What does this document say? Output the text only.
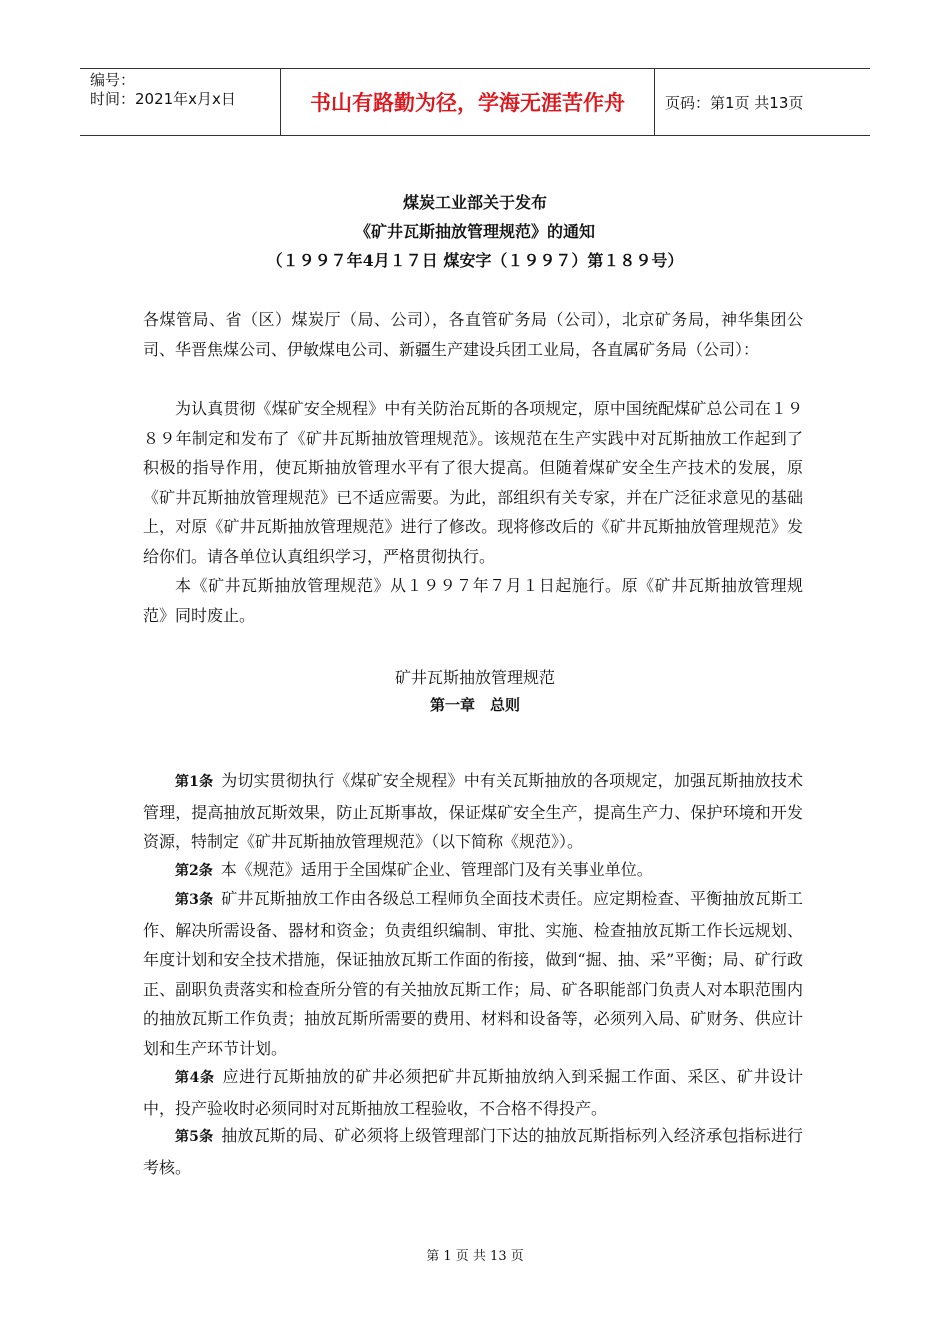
编号：
时间：2021年x月x日	书山有路勤为径，学海无涯苦作舟	页码：第1页 共13页
煤炭工业部关于发布
《矿井瓦斯抽放管理规范》的通知
（１９９７年4月１７日 煤安字（１９９７）第１８９号）

各煤管局、省（区）煤炭厅（局、公司），各直管矿务局（公司），北京矿务局，神华集团公司、华晋焦煤公司、伊敏煤电公司、新疆生产建设兵团工业局，各直属矿务局（公司）：

为认真贯彻《煤矿安全规程》中有关防治瓦斯的各项规定，原中国统配煤矿总公司在１９８９年制定和发布了《矿井瓦斯抽放管理规范》。该规范在生产实践中对瓦斯抽放工作起到了积极的指导作用，使瓦斯抽放管理水平有了很大提高。但随着煤矿安全生产技术的发展，原《矿井瓦斯抽放管理规范》已不适应需要。为此，部组织有关专家，并在广泛征求意见的基础上，对原《矿井瓦斯抽放管理规范》进行了修改。现将修改后的《矿井瓦斯抽放管理规范》发给你们。请各单位认真组织学习，严格贯彻执行。

本《矿井瓦斯抽放管理规范》从１９９７年７月１日起施行。原《矿井瓦斯抽放管理规范》同时废止。

矿井瓦斯抽放管理规范
第一章　总则

第1条 为切实贯彻执行《煤矿安全规程》中有关瓦斯抽放的各项规定，加强瓦斯抽放技术管理，提高抽放瓦斯效果，防止瓦斯事故，保证煤矿安全生产，提高生产力、保护环境和开发资源，特制定《矿井瓦斯抽放管理规范》（以下简称《规范》）。

第2条 本《规范》适用于全国煤矿企业、管理部门及有关事业单位。

第3条 矿井瓦斯抽放工作由各级总工程师负全面技术责任。应定期检查、平衡抽放瓦斯工作、解决所需设备、器材和资金；负责组织编制、审批、实施、检查抽放瓦斯工作长远规划、年度计划和安全技术措施，保证抽放瓦斯工作面的衔接，做到“掘、抽、采”平衡；局、矿行政正、副职负责落实和检查所分管的有关抽放瓦斯工作；局、矿各职能部门负责人对本职范围内的抽放瓦斯工作负责；抽放瓦斯所需要的费用、材料和设备等，必须列入局、矿财务、供应计划和生产环节计划。

第4条 应进行瓦斯抽放的矿井必须把矿井瓦斯抽放纳入到采掘工作面、采区、矿井设计中，投产验收时必须同时对瓦斯抽放工程验收，不合格不得投产。

第5条 抽放瓦斯的局、矿必须将上级管理部门下达的抽放瓦斯指标列入经济承包指标进行考核。

第 1 页 共 13 页
